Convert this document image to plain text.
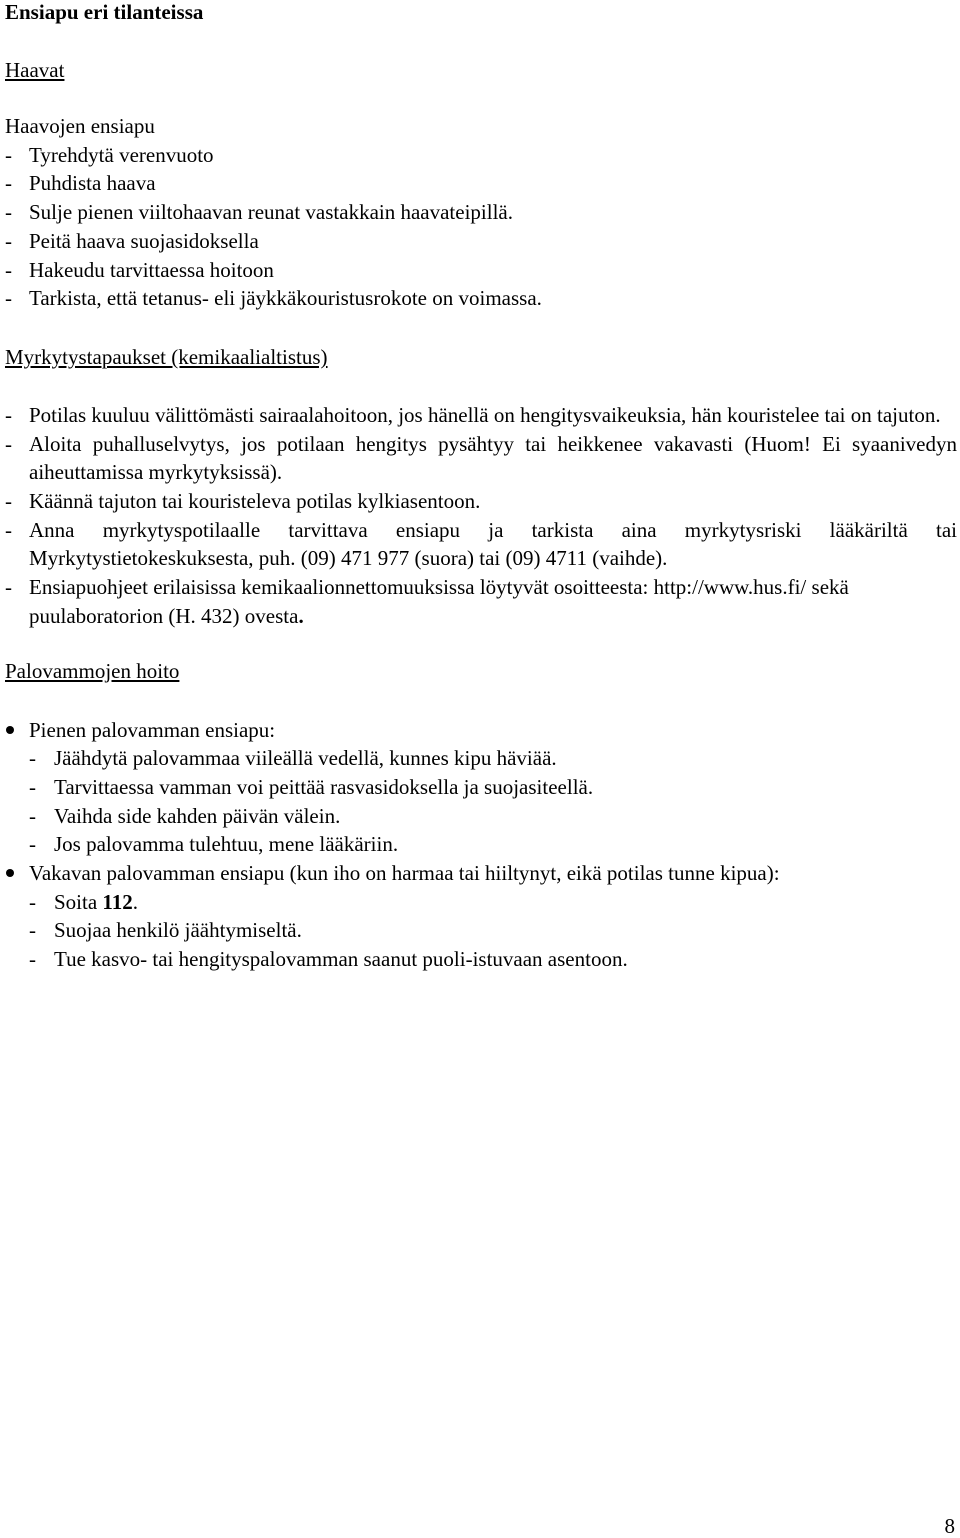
Ensiapu eri tilanteissa
Haavat
Haavojen ensiapu
- Tyrehdytä verenvuoto
- Puhdista haava
- Sulje pienen viiltohaavan reunat vastakkain haavateipillä.
- Peitä haava suojasidoksella
- Hakeudu tarvittaessa hoitoon
- Tarkista, että tetanus- eli jäykkäkouristusrokote on voimassa.
Myrkytystapaukset (kemikaalialtistus)
- Potilas kuuluu välittömästi sairaalahoitoon, jos hänellä on hengitysvaikeuksia, hän kouristelee tai on tajuton.
- Aloita puhalluselvytys, jos potilaan hengitys pysähtyy tai heikkenee vakavasti (Huom! Ei syaanivedyn aiheuttamissa myrkytyksissä).
- Käännä tajuton tai kouristeleva potilas kylkiasentoon.
- Anna myrkytyspotilaalle tarvittava ensiapu ja tarkista aina myrkytysriski lääkäriltä tai Myrkytystietokeskuksesta, puh. (09) 471 977 (suora) tai (09) 4711 (vaihde).
- Ensiapuohjeet erilaisissa kemikaalionnettomuuksissa löytyvät osoitteesta: http://www.hus.fi/ sekä puulaboratorion (H. 432) ovesta.
Palovammojen hoito
Pienen palovamman ensiapu:
- Jäähdytä palovammaa viileällä vedellä, kunnes kipu häviää.
- Tarvittaessa vamman voi peittää rasvasidoksella ja suojasiteellä.
- Vaihda side kahden päivän välein.
- Jos palovamma tulehtuu, mene lääkäriin.
Vakavan palovamman ensiapu (kun iho on harmaa tai hiiltynyt, eikä potilas tunne kipua):
- Soita 112.
- Suojaa henkilö jäähtymiseltä.
- Tue kasvo- tai hengityspalovamman saanut puoli-istuvaan asentoon.
8
